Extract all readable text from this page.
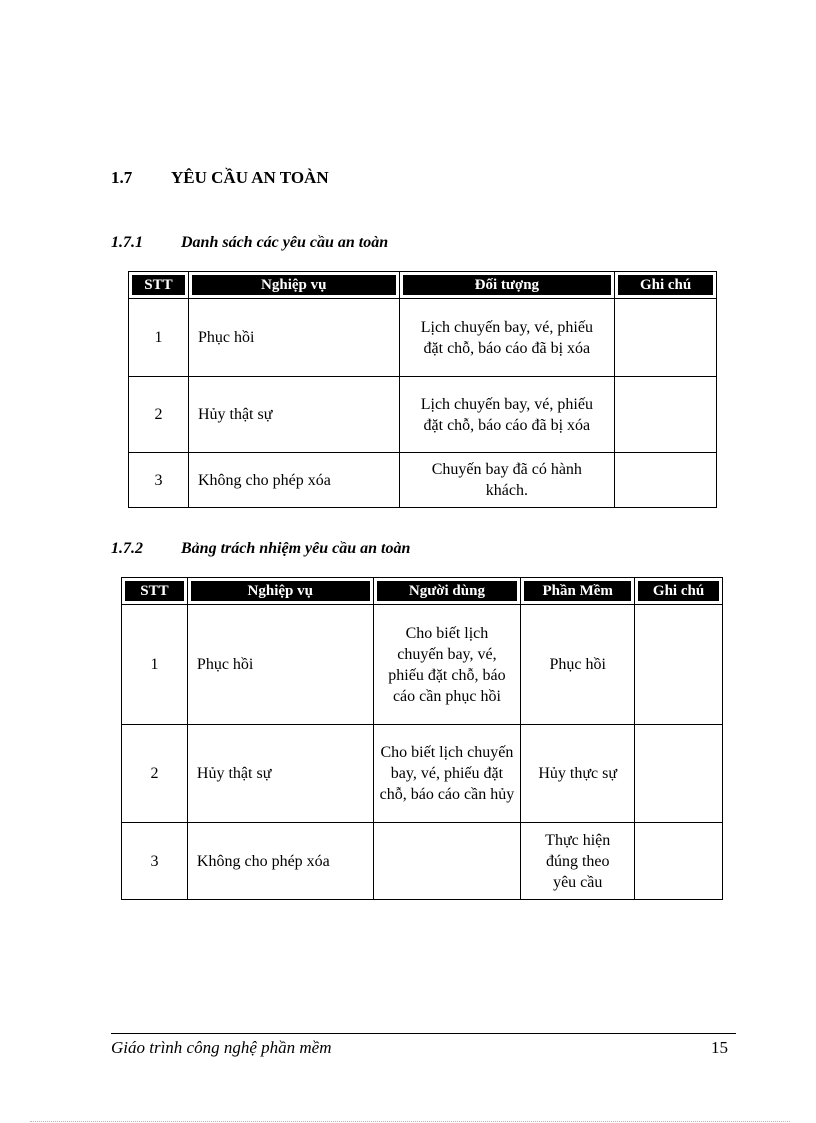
1.7 YÊU CẦU AN TOÀN
1.7.1 Danh sách các yêu cầu an toàn
STT	Nghiệp vụ	Đối tượng	Ghi chú

1	Phục hồi	Lịch chuyến bay, vé, phiếu đặt chỗ, báo cáo đã bị xóa	
2	Hủy thật sự	Lịch chuyến bay, vé, phiếu đặt chỗ, báo cáo đã bị xóa	
3	Không cho phép xóa	Chuyến bay đã có hành khách.	
1.7.2 Bảng trách nhiệm yêu cầu an toàn
STT	Nghiệp vụ	Người dùng	Phần Mềm	Ghi chú

1	Phục hồi	Cho biết lịch chuyến bay, vé, phiếu đặt chỗ, báo cáo cần phục hồi	Phục hồi	
2	Hủy thật sự	Cho biết lịch chuyến bay, vé, phiếu đặt chỗ, báo cáo cần hủy	Hủy thực sự	
3	Không cho phép xóa		Thực hiện đúng theo yêu cầu	
Giáo trình công nghệ phần mềm	15
